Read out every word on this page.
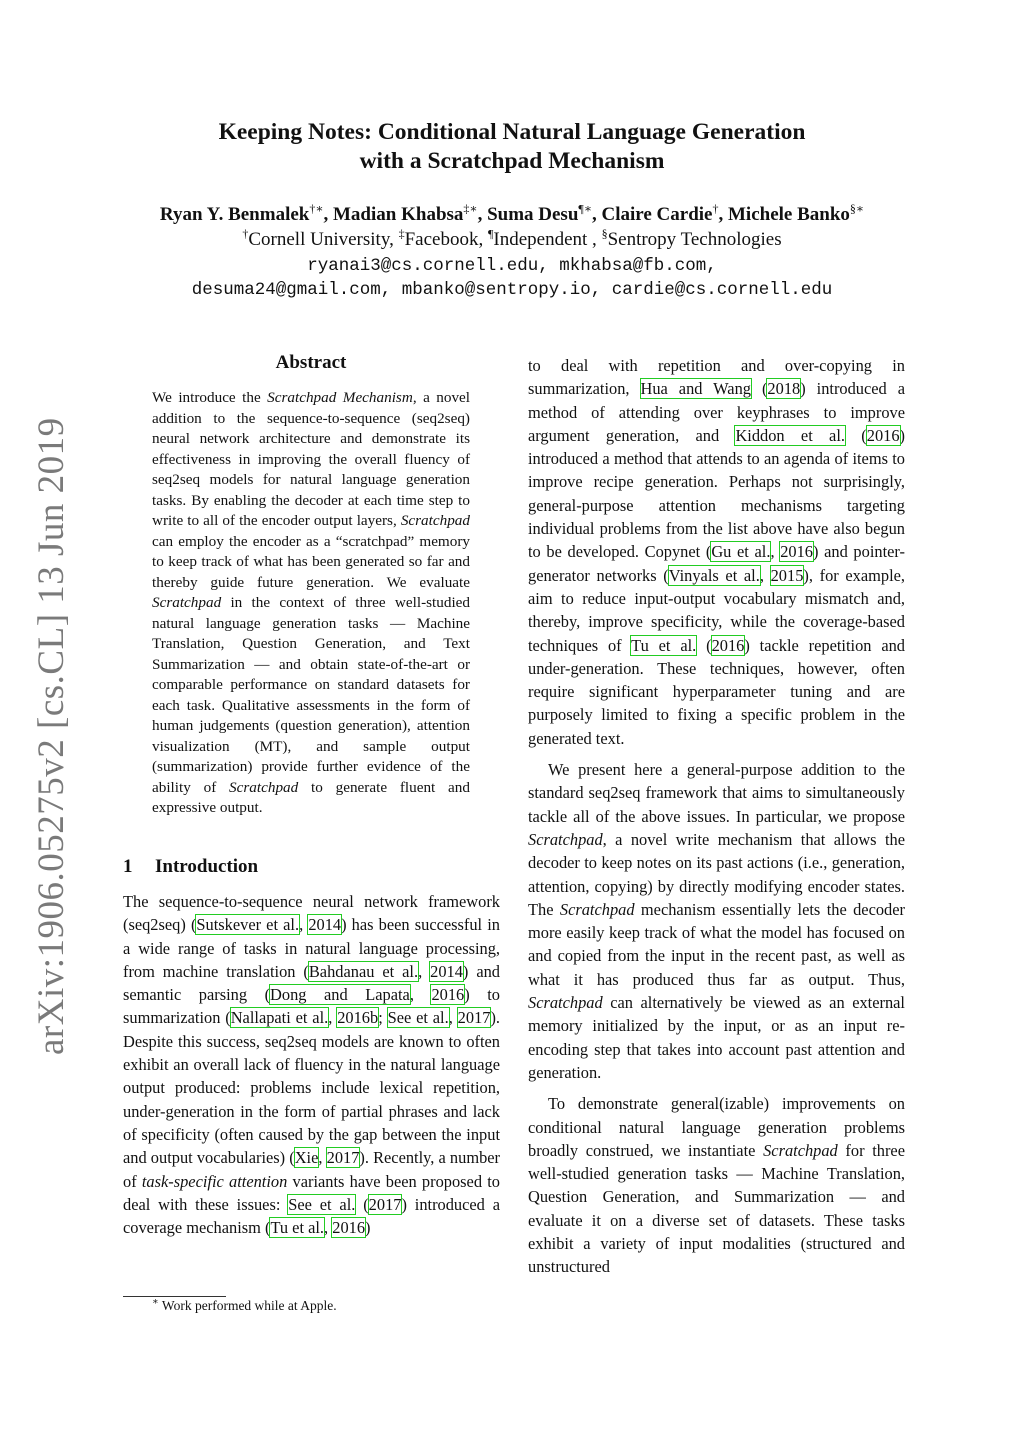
Keeping Notes: Conditional Natural Language Generation
with a Scratchpad Mechanism
Ryan Y. Benmalek†∗, Madian Khabsa‡∗, Suma Desu¶∗, Claire Cardie†, Michele Banko§∗
†Cornell University, ‡Facebook, ¶Independent , §Sentropy Technologies
ryanai3@cs.cornell.edu, mkhabsa@fb.com,
desuma24@gmail.com, mbanko@sentropy.io, cardie@cs.cornell.edu
arXiv:1906.05275v2 [cs.CL] 13 Jun 2019
Abstract
We introduce the Scratchpad Mechanism, a novel addition to the sequence-to-sequence (seq2seq) neural network architecture and demonstrate its effectiveness in improving the overall fluency of seq2seq models for natural language generation tasks. By enabling the decoder at each time step to write to all of the encoder output layers, Scratchpad can employ the encoder as a “scratchpad” memory to keep track of what has been generated so far and thereby guide future generation. We evaluate Scratchpad in the context of three well-studied natural language generation tasks — Machine Translation, Question Generation, and Text Summarization — and obtain state-of-the-art or comparable performance on standard datasets for each task. Qualitative assessments in the form of human judgements (question generation), attention visualization (MT), and sample output (summarization) provide further evidence of the ability of Scratchpad to generate fluent and expressive output.
1 Introduction

The sequence-to-sequence neural network framework (seq2seq) (Sutskever et al., 2014) has been successful in a wide range of tasks in natural language processing, from machine translation (Bahdanau et al., 2014) and semantic parsing (Dong and Lapata, 2016) to summarization (Nallapati et al., 2016b; See et al., 2017). Despite this success, seq2seq models are known to often exhibit an overall lack of fluency in the natural language output produced: problems include lexical repetition, under-generation in the form of partial phrases and lack of specificity (often caused by the gap between the input and output vocabularies) (Xie, 2017). Recently, a number of task-specific attention variants have been proposed to deal with these issues: See et al. (2017) introduced a coverage mechanism (Tu et al., 2016)

∗ Work performed while at Apple.

to deal with repetition and over-copying in summarization, Hua and Wang (2018) introduced a method of attending over keyphrases to improve argument generation, and Kiddon et al. (2016) introduced a method that attends to an agenda of items to improve recipe generation. Perhaps not surprisingly, general-purpose attention mechanisms targeting individual problems from the list above have also begun to be developed. Copynet (Gu et al., 2016) and pointer-generator networks (Vinyals et al., 2015), for example, aim to reduce input-output vocabulary mismatch and, thereby, improve specificity, while the coverage-based techniques of Tu et al. (2016) tackle repetition and under-generation. These techniques, however, often require significant hyperparameter tuning and are purposely limited to fixing a specific problem in the generated text.

We present here a general-purpose addition to the standard seq2seq framework that aims to simultaneously tackle all of the above issues. In particular, we propose Scratchpad, a novel write mechanism that allows the decoder to keep notes on its past actions (i.e., generation, attention, copying) by directly modifying encoder states. The Scratchpad mechanism essentially lets the decoder more easily keep track of what the model has focused on and copied from the input in the recent past, as well as what it has produced thus far as output. Thus, Scratchpad can alternatively be viewed as an external memory initialized by the input, or as an input re-encoding step that takes into account past attention and generation.

To demonstrate general(izable) improvements on conditional natural language generation problems broadly construed, we instantiate Scratchpad for three well-studied generation tasks — Machine Translation, Question Generation, and Summarization — and evaluate it on a diverse set of datasets. These tasks exhibit a variety of input modalities (structured and unstructured
